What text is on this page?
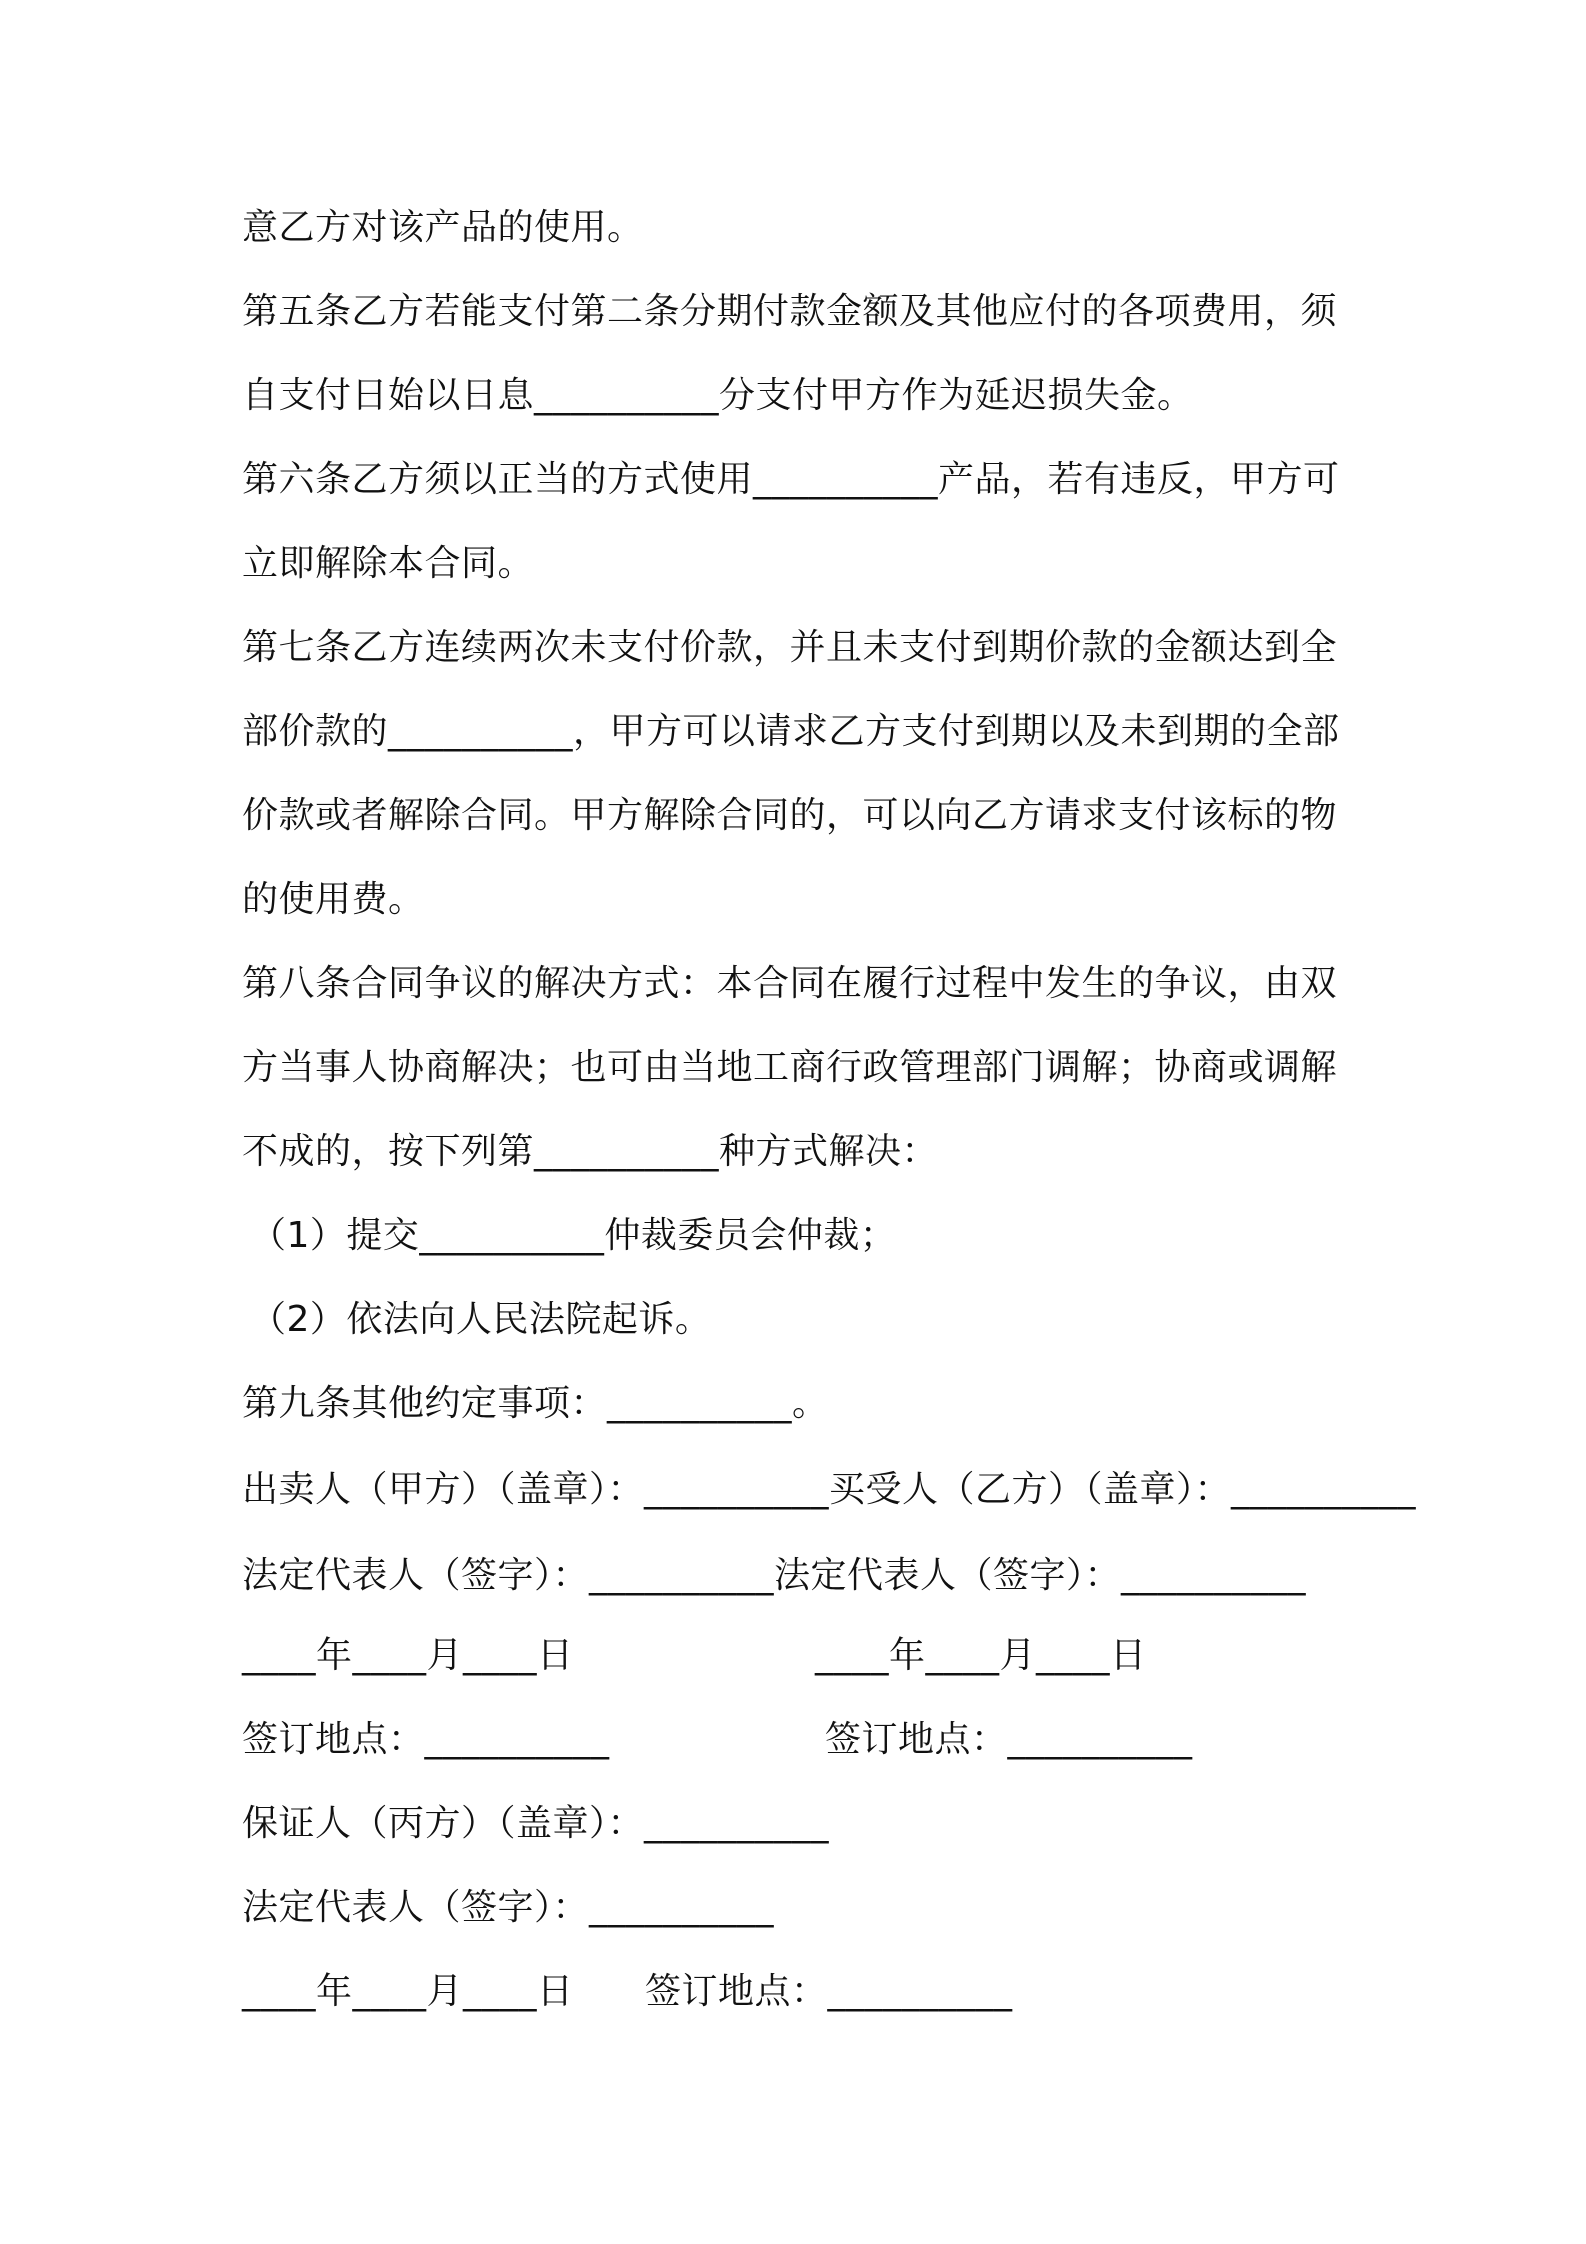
意乙方对该产品的使用。
第五条乙方若能支付第二条分期付款金额及其他应付的各项费用，须
自支付日始以日息__________分支付甲方作为延迟损失金。
第六条乙方须以正当的方式使用__________产品，若有违反，甲方可
立即解除本合同。
第七条乙方连续两次未支付价款，并且未支付到期价款的金额达到全
部价款的__________，甲方可以请求乙方支付到期以及未到期的全部
价款或者解除合同。甲方解除合同的，可以向乙方请求支付该标的物
的使用费。
第八条合同争议的解决方式：本合同在履行过程中发生的争议，由双
方当事人协商解决；也可由当地工商行政管理部门调解；协商或调解
不成的，按下列第__________种方式解决：
（1）提交__________仲裁委员会仲裁；
（2）依法向人民法院起诉。
第九条其他约定事项：__________。
出卖人（甲方）（盖章）：__________买受人（乙方）（盖章）：__________
法定代表人（签字）：__________法定代表人（签字）：__________
____年____月____日	____年____月____日
签订地点：__________	签订地点：__________
保证人（丙方）（盖章）：__________
法定代表人（签字）：__________
____年____月____日 签订地点：__________
